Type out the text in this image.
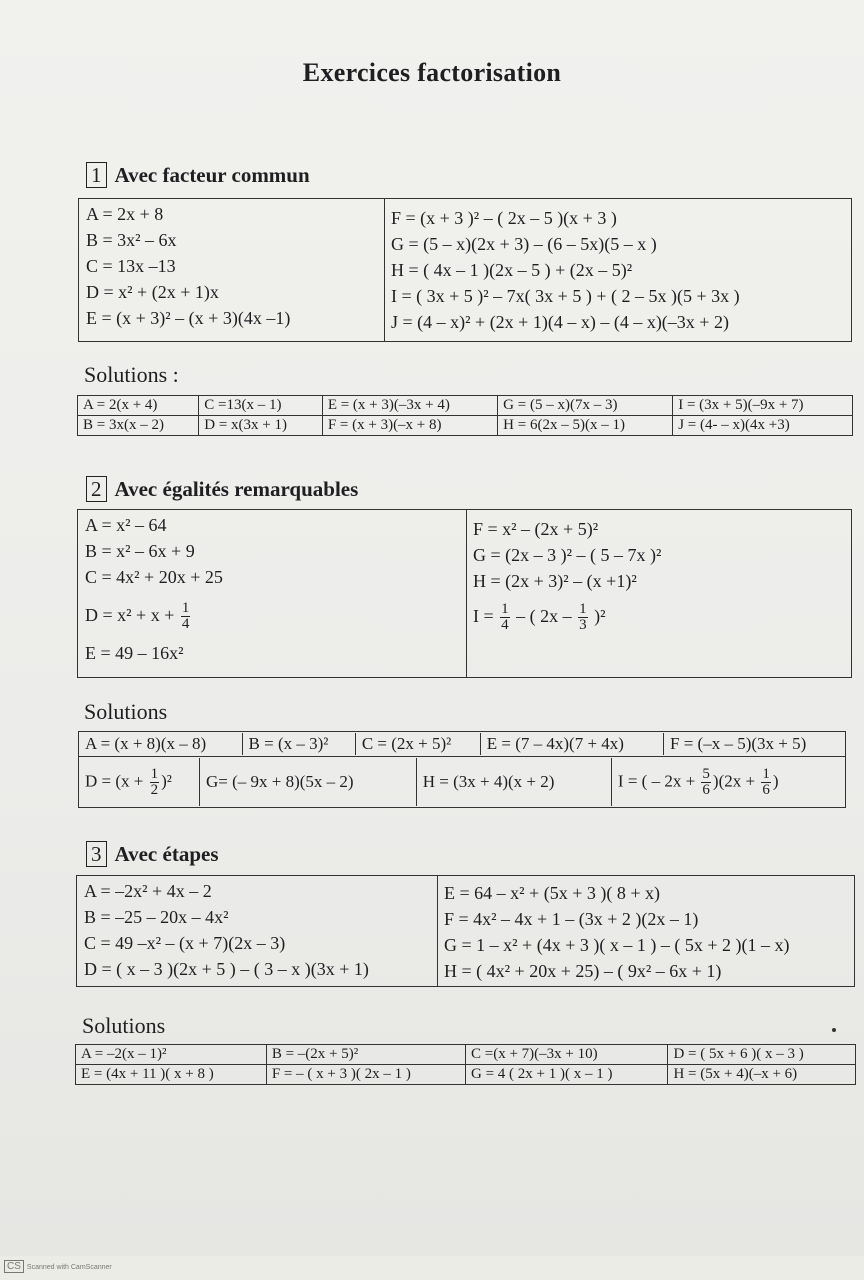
Exercices factorisation
1 Avec facteur commun
A = 2x + 8
B = 3x² – 6x
C = 13x –13
D = x² + (2x + 1)x
E = (x + 3)² – (x + 3)(4x –1)
F = (x + 3 )² – ( 2x – 5 )(x + 3 )
G = (5 – x)(2x + 3) – (6 – 5x)(5 – x )
H = ( 4x – 1 )(2x – 5 ) + (2x – 5)²
I = ( 3x + 5 )² – 7x( 3x + 5 ) + ( 2 – 5x )(5 + 3x )
J = (4 – x)² + (2x + 1)(4 – x) – (4 – x)(–3x + 2)
Solutions :
A = 2(x + 4)	C =13(x – 1)	E = (x + 3)(–3x + 4)	G = (5 – x)(7x – 3)	I = (3x + 5)(–9x + 7)
B = 3x(x – 2)	D = x(3x + 1)	F = (x + 3)(–x + 8)	H = 6(2x – 5)(x – 1)	J = (4- – x)(4x +3)
2 Avec égalités remarquables
A = x² – 64
B = x² – 6x + 9
C = 4x² + 20x + 25
$D = x^2 + x + \frac{1}{4}$
E = 49 – 16x²
F = x² – (2x + 5)²
G = (2x – 3 )² – ( 5 – 7x )²
H = (2x + 3)² – (x +1)²
$I = \frac{1}{4}$ – ( $2x - \frac{1}{3} )^2$
Solutions
A = (x + 8)(x – 8)	B = (x – 3)²	C = (2x + 5)²	E = (7 – 4x)(7 + 4x)	F = (–x – 5)(3x + 5)

$D = (x + \frac{1}{2} )^2$	G= (– 9x + 8)(5x – 2)	H = (3x + 4)(x + 2)	I = ( – $2x + \frac{5}{6} )(2x + \frac{1}{6}$ )
3 Avec étapes
A = –2x² + 4x – 2
B = –25 – 20x – 4x²
C = 49 –x² – (x + 7)(2x – 3)
D = ( x – 3 )(2x + 5 ) – ( 3 – x )(3x + 1)
E = 64 – x² + (5x + 3 )( 8 + x)
F = 4x² – 4x + 1 – (3x + 2 )(2x – 1)
G = 1 – x² + (4x + 3 )( x – 1 ) – ( 5x + 2 )(1 – x)
H = ( 4x² + 20x + 25) – ( 9x² – 6x + 1)
Solutions
A = –2(x – 1)²	B = –(2x + 5)²	C =(x + 7)(–3x + 10)	D = ( 5x + 6 )( x – 3 )
E = (4x + 11 )( x + 8 )	F = – ( x + 3 )( 2x – 1 )	G = 4 ( 2x + 1 )( x – 1 )	H = (5x + 4)(–x + 6)
CS Scanned with CamScanner
